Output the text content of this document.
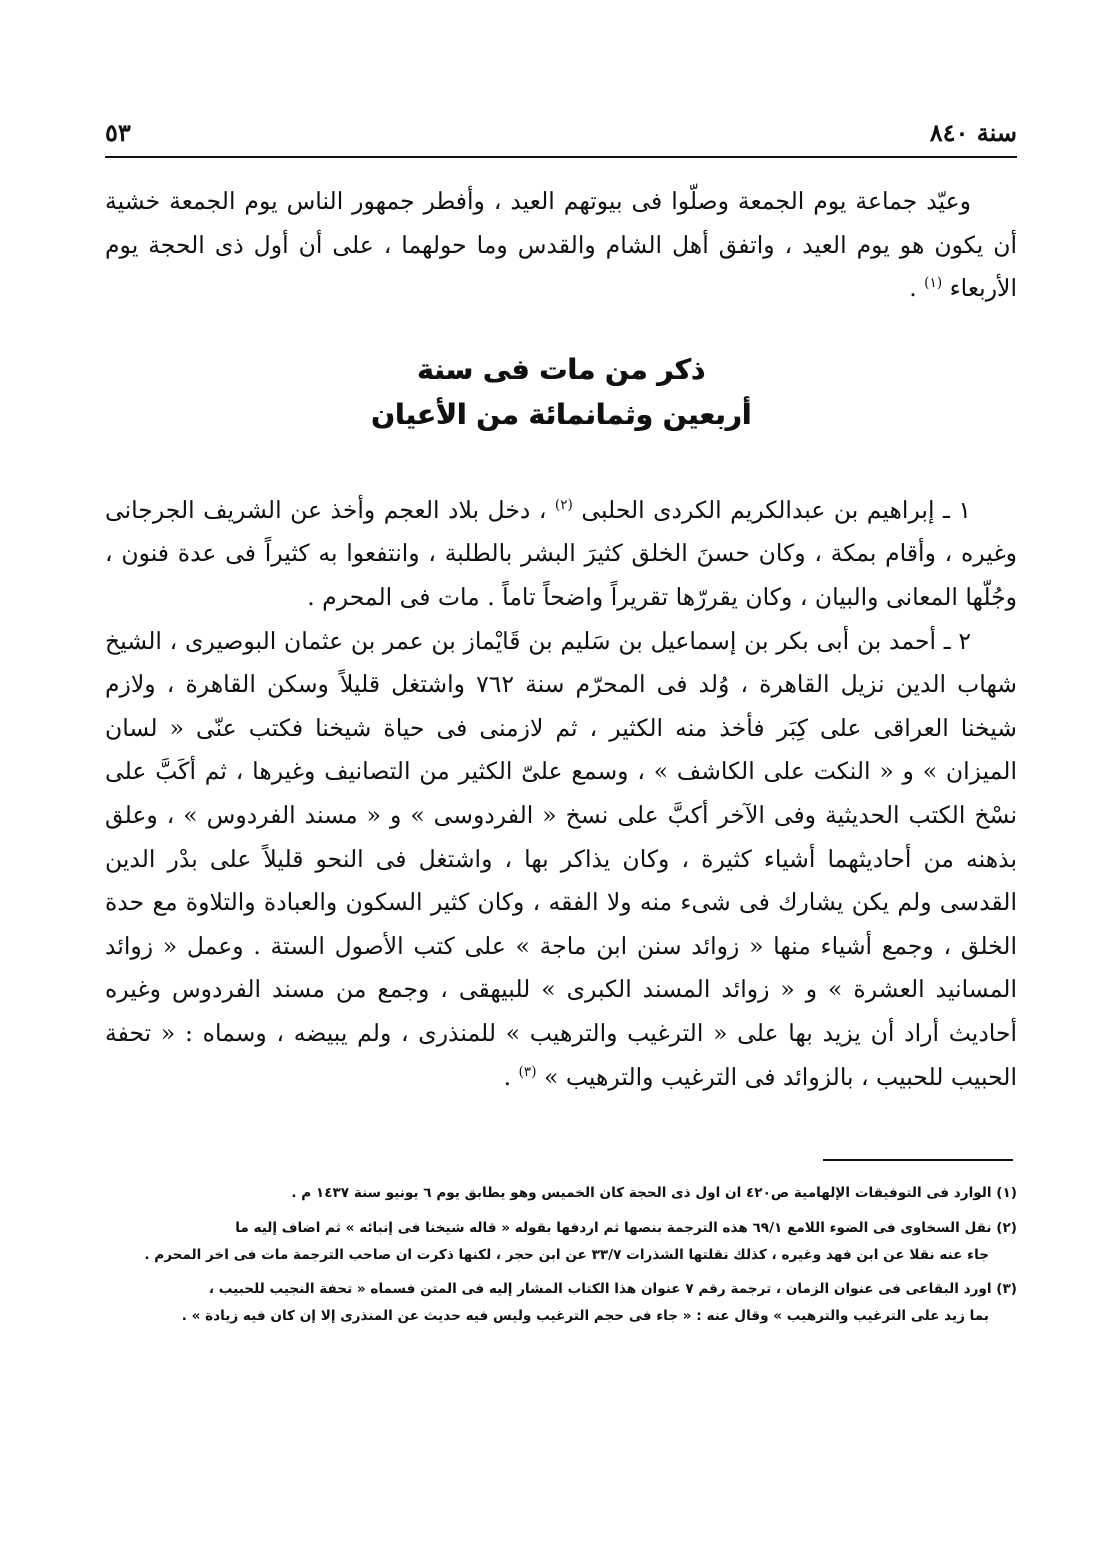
سنة ٨٤٠
٥٣

وعيّد جماعة يوم الجمعة وصلّوا فى بيوتهم العيد ، وأفطر جمهور الناس يوم الجمعة خشية أن يكون هو يوم العيد ، واتفق أهل الشام والقدس وما حولهما ، على أن أول ذى الحجة يوم الأربعاء $^{(١)}$ .

ذكر من مات فى سنة
أربعين وثمانمائة من الأعيان

١ ـ إبراهيم بن عبدالكريم الكردى الحلبى $^{(٢)}$ ، دخل بلاد العجم وأخذ عن الشريف الجرجانى وغيره ، وأقام بمكة ، وكان حسنَ الخلق كثيرَ البشر بالطلبة ، وانتفعوا به كثيراً فى عدة فنون ، وجُلّها المعانى والبيان ، وكان يقررّها تقريراً واضحاً تاماً . مات فى المحرم .

٢ ـ أحمد بن أبى بكر بن إسماعيل بن سَليم بن قَايْماز بن عمر بن عثمان البوصيرى ، الشيخ شهاب الدين نزيل القاهرة ، وُلد فى المحرّم سنة ٧٦٢ واشتغل قليلاً وسكن القاهرة ، ولازم شيخنا العراقى على كِبَر فأخذ منه الكثير ، ثم لازمنى فى حياة شيخنا فكتب عنّى « لسان الميزان » و « النكت على الكاشف » ، وسمع علىّ الكثير من التصانيف وغيرها ، ثم أكَبَّ على نسْخ الكتب الحديثية وفى الآخر أكبَّ على نسخ « الفردوسى » و « مسند الفردوس » ، وعلق بذهنه من أحاديثهما أشياء كثيرة ، وكان يذاكر بها ، واشتغل فى النحو قليلاً على بدْر الدين القدسى ولم يكن يشارك فى شىء منه ولا الفقه ، وكان كثير السكون والعبادة والتلاوة مع حدة الخلق ، وجمع أشياء منها « زوائد سنن ابن ماجة » على كتب الأصول الستة . وعمل « زوائد المسانيد العشرة » و « زوائد المسند الكبرى » للبيهقى ، وجمع من مسند الفردوس وغيره أحاديث أراد أن يزيد بها على « الترغيب والترهيب » للمنذرى ، ولم يبيضه ، وسماه : « تحفة الحبيب للحبيب ، بالزوائد فى الترغيب والترهيب » $^{(٣)}$ .

(١) الوارد فى التوفيقات الإلهامية ص٤٢٠ ان اول ذى الحجة كان الخميس وهو يطابق يوم ٦ يونيو سنة ١٤٣٧ م .

(٢) نقل السخاوى فى الضوء اللامع ٦٩/١ هذه الترجمة بنصها ثم اردفها بقوله « قاله شيخنا فى إنبائه » ثم اضاف إليه ما
جاء عنه نقلا عن ابن فهد وغيره ، كذلك نقلتها الشذرات ٣٣/٧ عن ابن حجر ، لكنها ذكرت ان صاحب الترجمة مات فى اخر المحرم .

(٣) اورد البقاعى فى عنوان الزمان ، ترجمة رقم ٧ عنوان هذا الكتاب المشار إليه فى المتن فسماه « تحفة النجيب للحبيب ،
بما زيد على الترغيب والترهيب » وقال عنه : « جاء فى حجم الترغيب وليس فيه حديث عن المنذرى إلا إن كان فيه زيادة » .
